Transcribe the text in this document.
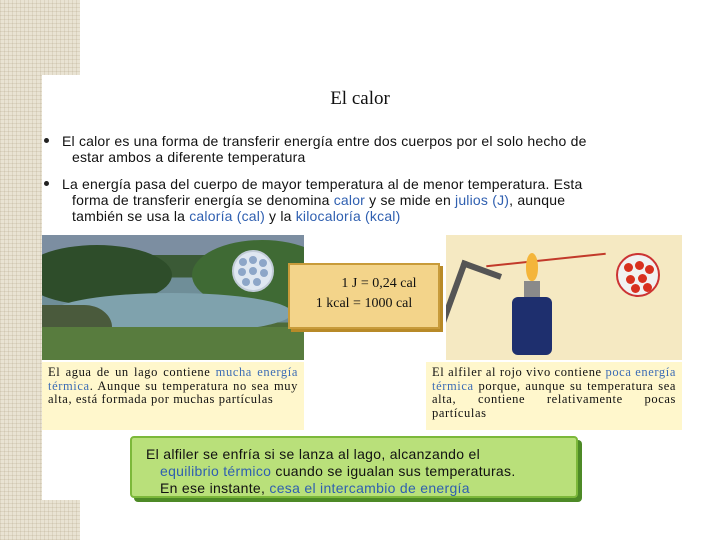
El calor
El calor es una forma de transferir energía entre dos cuerpos por el solo hecho de
estar ambos a diferente temperatura
La energía pasa del cuerpo de mayor temperatura al de menor temperatura. Esta
forma de transferir energía se denomina calor y se mide en julios (J), aunque
también se usa la caloría (cal) y la kilocaloría (kcal)
1 J = 0,24 cal
1 kcal = 1000 cal
El agua de un lago contiene mucha energía térmica. Aunque su temperatura no sea muy alta, está formada por muchas partículas
El alfiler al rojo vivo contiene poca energía térmica porque, aunque su temperatura sea alta, contiene relativamente pocas partículas
El alfiler se enfría si se lanza al lago, alcanzando el
equilibrio térmico cuando se igualan sus temperaturas.
En ese instante, cesa el intercambio de energía
